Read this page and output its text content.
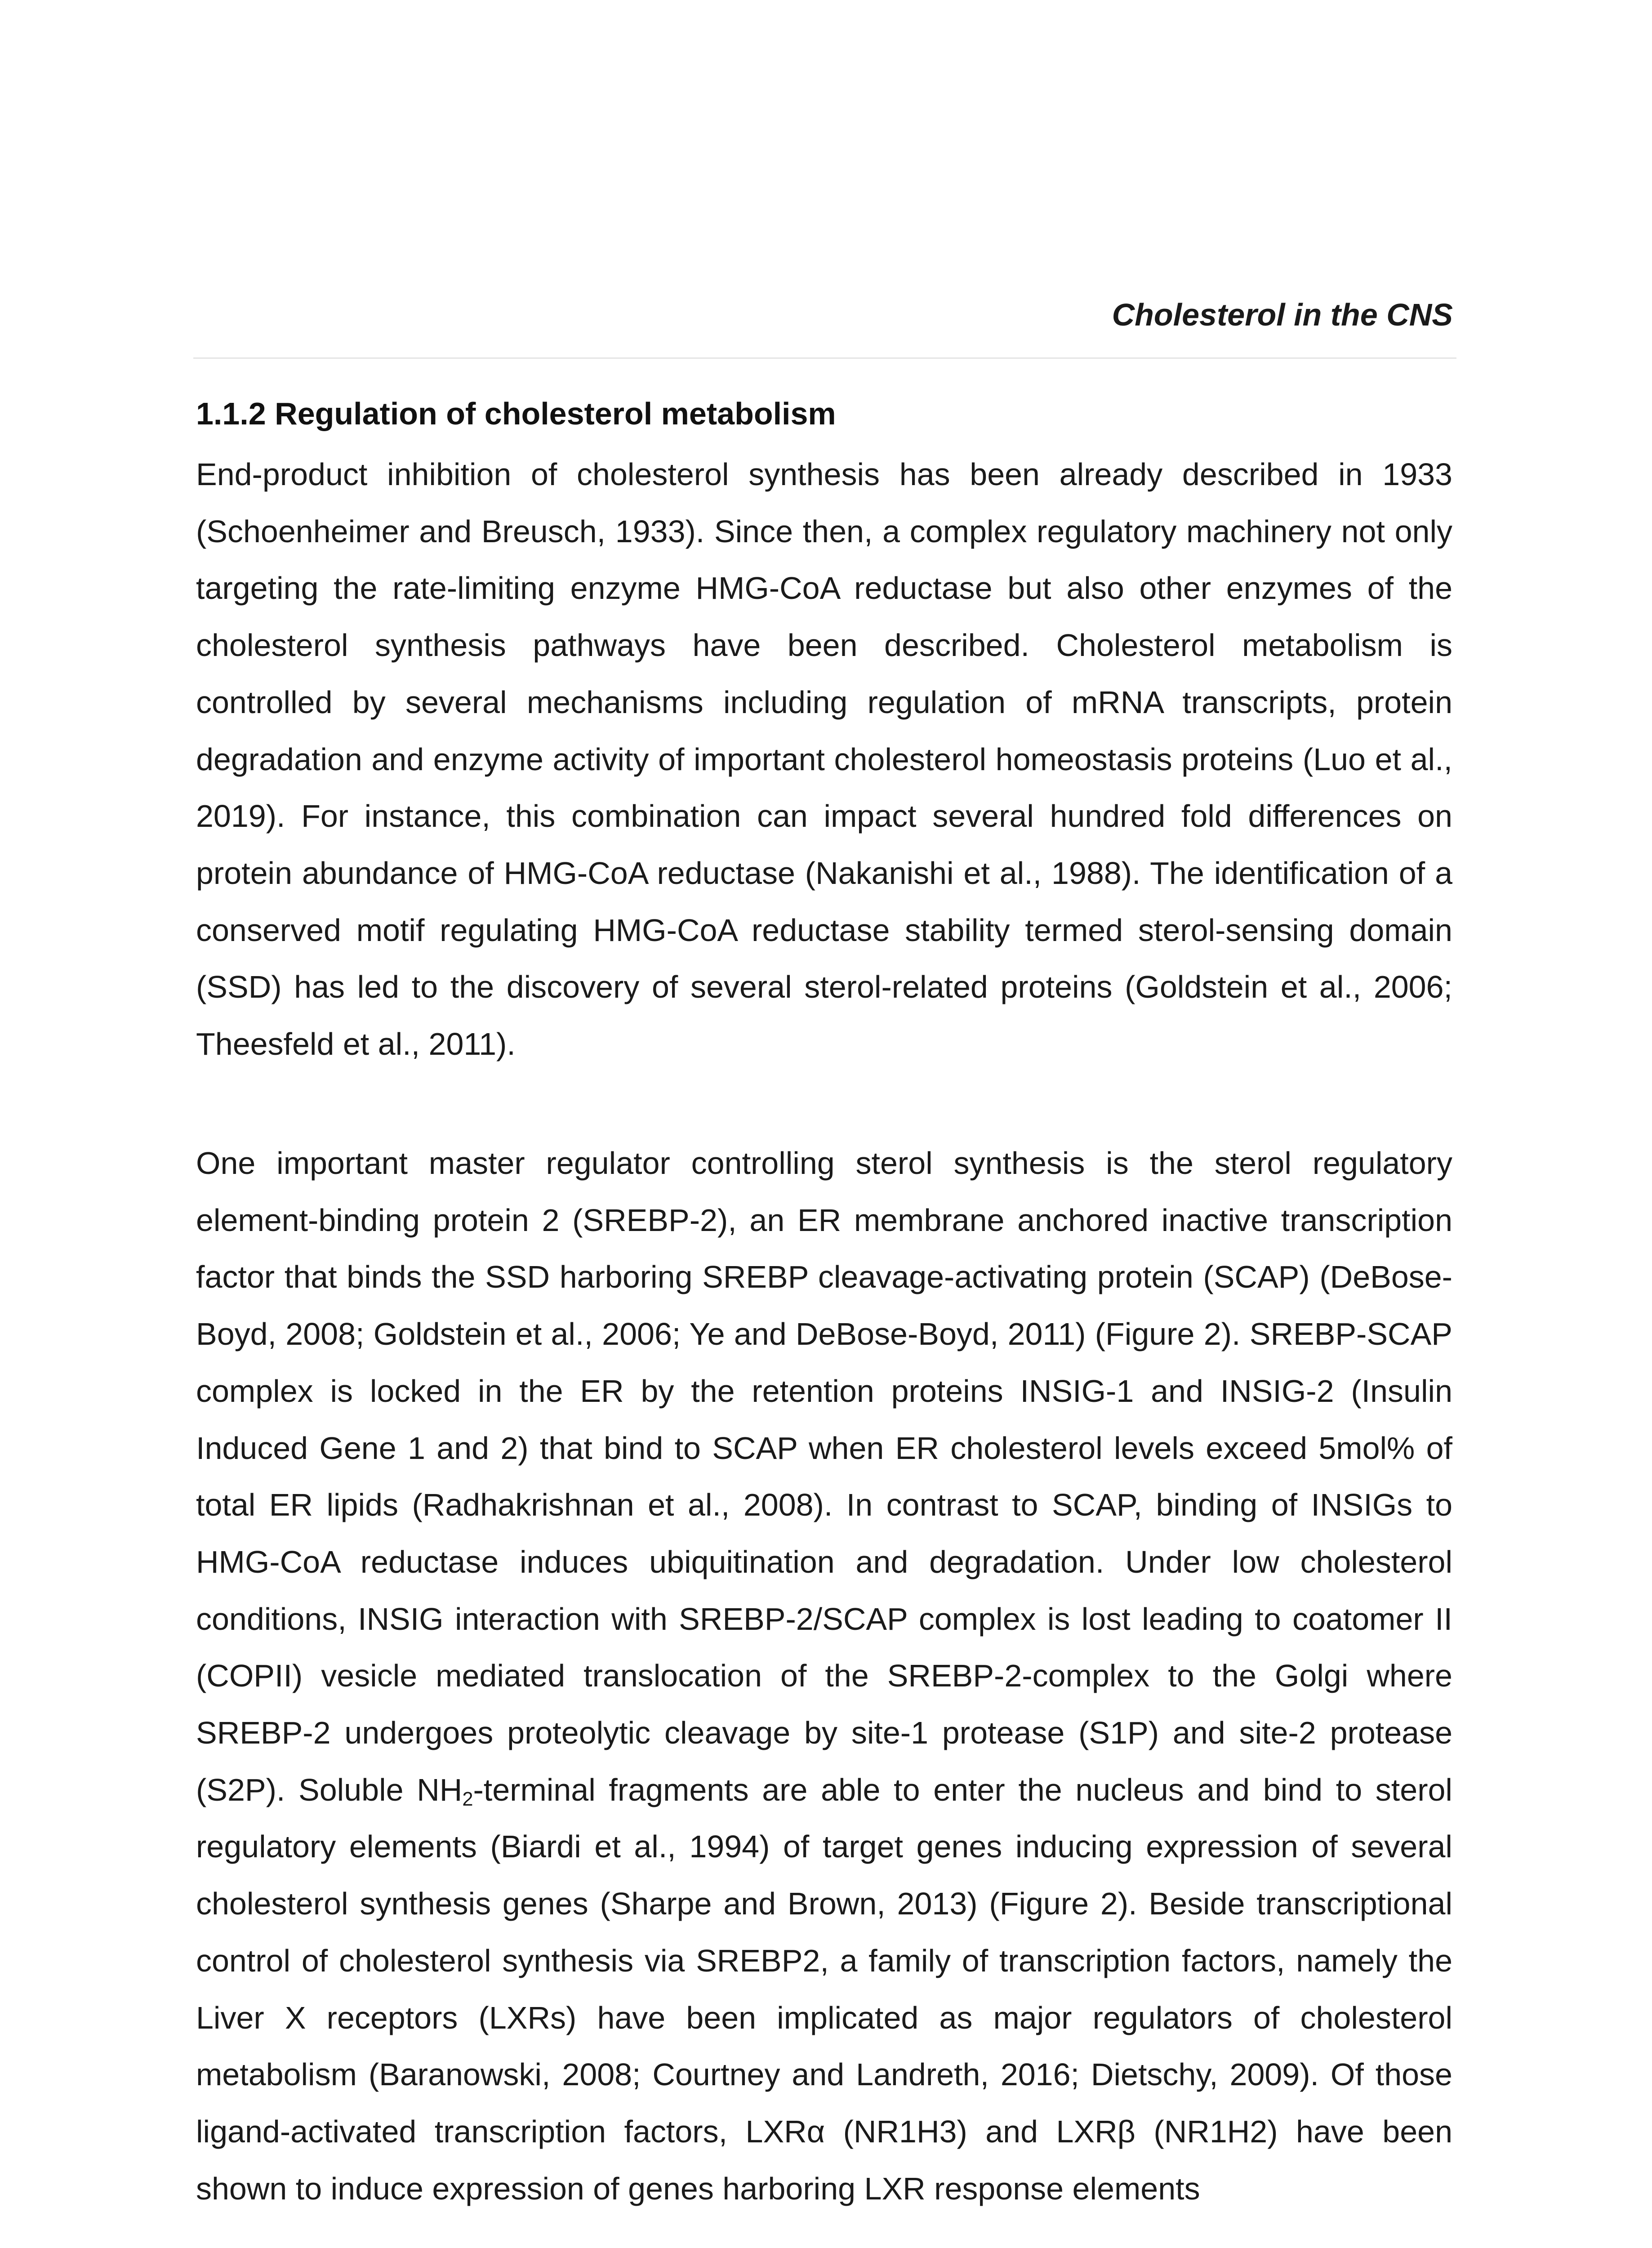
Cholesterol in the CNS
1.1.2 Regulation of cholesterol metabolism

End-product inhibition of cholesterol synthesis has been already described in 1933 (Schoenheimer and Breusch, 1933). Since then, a complex regulatory machinery not only targeting the rate-limiting enzyme HMG-CoA reductase but also other enzymes of the cholesterol synthesis pathways have been described. Cholesterol metabolism is controlled by several mechanisms including regulation of mRNA transcripts, protein degradation and enzyme activity of important cholesterol homeostasis proteins (Luo et al., 2019). For instance, this combination can impact several hundred fold differences on protein abundance of HMG-CoA reductase (Nakanishi et al., 1988). The identification of a conserved motif regulating HMG-CoA reductase stability termed sterol-sensing domain (SSD) has led to the discovery of several sterol-related proteins (Goldstein et al., 2006; Theesfeld et al., 2011).

One important master regulator controlling sterol synthesis is the sterol regulatory element-binding protein 2 (SREBP-2), an ER membrane anchored inactive transcription factor that binds the SSD harboring SREBP cleavage-activating protein (SCAP) (DeBose-Boyd, 2008; Goldstein et al., 2006; Ye and DeBose-Boyd, 2011) (Figure 2). SREBP-SCAP complex is locked in the ER by the retention proteins INSIG-1 and INSIG-2 (Insulin Induced Gene 1 and 2) that bind to SCAP when ER cholesterol levels exceed 5mol% of total ER lipids (Radhakrishnan et al., 2008). In contrast to SCAP, binding of INSIGs to HMG-CoA reductase induces ubiquitination and degradation. Under low cholesterol conditions, INSIG interaction with SREBP-2/SCAP complex is lost leading to coatomer II (COPII) vesicle mediated translocation of the SREBP-2-complex to the Golgi where SREBP-2 undergoes proteolytic cleavage by site-1 protease (S1P) and site-2 protease (S2P). Soluble $NH_2$-terminal fragments are able to enter the nucleus and bind to sterol regulatory elements (Biardi et al., 1994) of target genes inducing expression of several cholesterol synthesis genes (Sharpe and Brown, 2013) (Figure 2). Beside transcriptional control of cholesterol synthesis via SREBP2, a family of transcription factors, namely the Liver X receptors (LXRs) have been implicated as major regulators of cholesterol metabolism (Baranowski, 2008; Courtney and Landreth, 2016; Dietschy, 2009). Of those ligand-activated transcription factors, LXRα (NR1H3) and LXRβ (NR1H2) have been shown to induce expression of genes harboring LXR response elements
